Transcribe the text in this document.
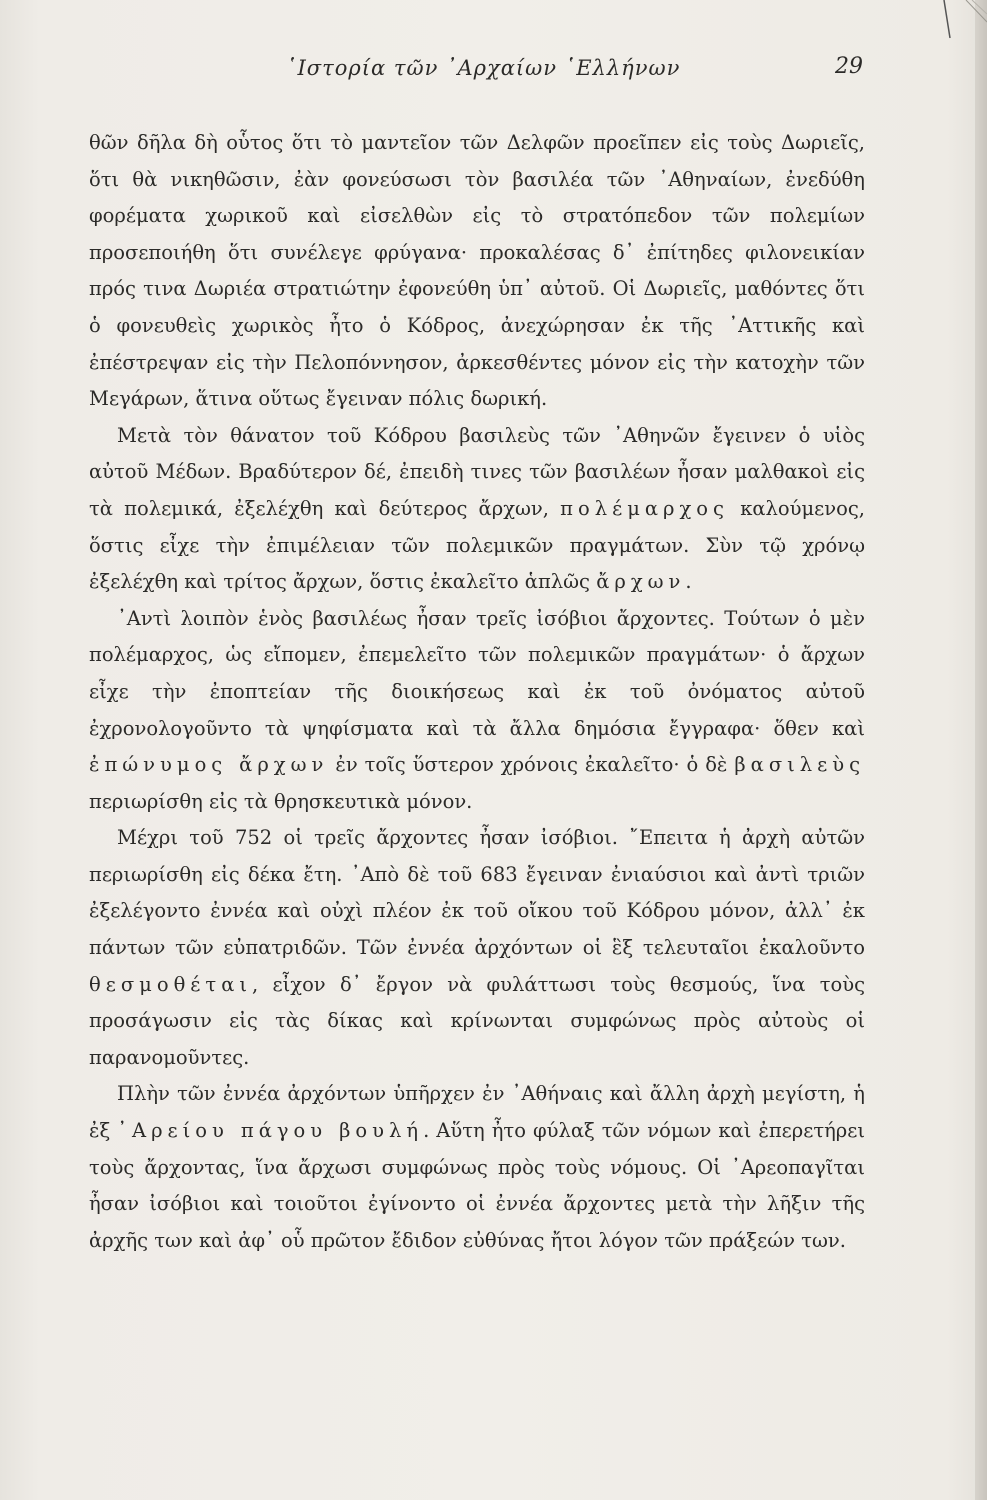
῾Ιστορία τῶν ᾿Αρχαίων ῾Ελλήνων	29

θῶν δῆλα δὴ οὗτος ὅτι τὸ μαντεῖον τῶν Δελφῶν προεῖπεν εἰς τοὺς Δωριεῖς, ὅτι θὰ νικηθῶσιν, ἐὰν φονεύσωσι τὸν βασιλέα τῶν ᾿Αθηναίων, ἐνεδύθη φορέματα χωρικοῦ καὶ εἰσελθὼν εἰς τὸ στρατόπεδον τῶν πολεμίων προσεποιήθη ὅτι συνέλεγε φρύγανα· προκαλέσας δ᾿ ἐπίτηδες φιλονεικίαν πρός τινα Δωριέα στρατιώτην ἐφονεύθη ὑπ᾿ αὐτοῦ. Οἱ Δωριεῖς, μαθόντες ὅτι ὁ φονευθεὶς χωρικὸς ἦτο ὁ Κόδρος, ἀνεχώρησαν ἐκ τῆς ᾿Αττικῆς καὶ ἐπέστρεψαν εἰς τὴν Πελοπόννησον, ἀρκεσθέντες μόνον εἰς τὴν κατοχὴν τῶν Μεγάρων, ἅτινα οὕτως ἔγειναν πόλις δωρική.

Μετὰ τὸν θάνατον τοῦ Κόδρου βασιλεὺς τῶν ᾿Αθηνῶν ἔγεινεν ὁ υἱὸς αὐτοῦ Μέδων. Βραδύτερον δέ, ἐπειδὴ τινες τῶν βασιλέων ἦσαν μαλθακοὶ εἰς τὰ πολεμικά, ἐξελέχθη καὶ δεύτερος ἄρχων, πολέμαρχος καλούμενος, ὅστις εἶχε τὴν ἐπιμέλειαν τῶν πολεμικῶν πραγμάτων. Σὺν τῷ χρόνῳ ἐξελέχθη καὶ τρίτος ἄρχων, ὅστις ἐκαλεῖτο ἁπλῶς ἄρχων.

᾿Αντὶ λοιπὸν ἑνὸς βασιλέως ἦσαν τρεῖς ἰσόβιοι ἄρχοντες. Τούτων ὁ μὲν πολέμαρχος, ὡς εἴπομεν, ἐπεμελεῖτο τῶν πολεμικῶν πραγμάτων· ὁ ἄρχων εἶχε τὴν ἐποπτείαν τῆς διοικήσεως καὶ ἐκ τοῦ ὀνόματος αὐτοῦ ἐχρονολογοῦντο τὰ ψηφίσματα καὶ τὰ ἄλλα δημόσια ἔγγραφα· ὅθεν καὶ ἐπώνυμος ἄρχων ἐν τοῖς ὕστερον χρόνοις ἐκαλεῖτο· ὁ δὲ βασιλεὺς περιωρίσθη εἰς τὰ θρησκευτικὰ μόνον.

Μέχρι τοῦ 752 οἱ τρεῖς ἄρχοντες ἦσαν ἰσόβιοι. ῎Επειτα ἡ ἀρχὴ αὐτῶν περιωρίσθη εἰς δέκα ἔτη. ᾿Απὸ δὲ τοῦ 683 ἔγειναν ἐνιαύσιοι καὶ ἀντὶ τριῶν ἐξελέγοντο ἐννέα καὶ οὐχὶ πλέον ἐκ τοῦ οἴκου τοῦ Κόδρου μόνον, ἀλλ᾿ ἐκ πάντων τῶν εὐπατριδῶν. Τῶν ἐννέα ἀρχόντων οἱ ἓξ τελευταῖοι ἐκαλοῦντο θεσμοθέται, εἶχον δ᾿ ἔργον νὰ φυλάττωσι τοὺς θεσμούς, ἵνα τοὺς προσάγωσιν εἰς τὰς δίκας καὶ κρίνωνται συμφώνως πρὸς αὐτοὺς οἱ παρανομοῦντες.

Πλὴν τῶν ἐννέα ἀρχόντων ὑπῆρχεν ἐν ᾿Αθήναις καὶ ἄλλη ἀρχὴ μεγίστη, ἡ ἐξ ᾿Αρείου πάγου βουλή. Αὕτη ἦτο φύλαξ τῶν νόμων καὶ ἐπερετήρει τοὺς ἄρχοντας, ἵνα ἄρχωσι συμφώνως πρὸς τοὺς νόμους. Οἱ ᾿Αρεοπαγῖται ἦσαν ἰσόβιοι καὶ τοιοῦτοι ἐγίνοντο οἱ ἐννέα ἄρχοντες μετὰ τὴν λῆξιν τῆς ἀρχῆς των καὶ ἀφ᾿ οὗ πρῶτον ἔδιδον εὐθύνας ἤτοι λόγον τῶν πράξεών των.
